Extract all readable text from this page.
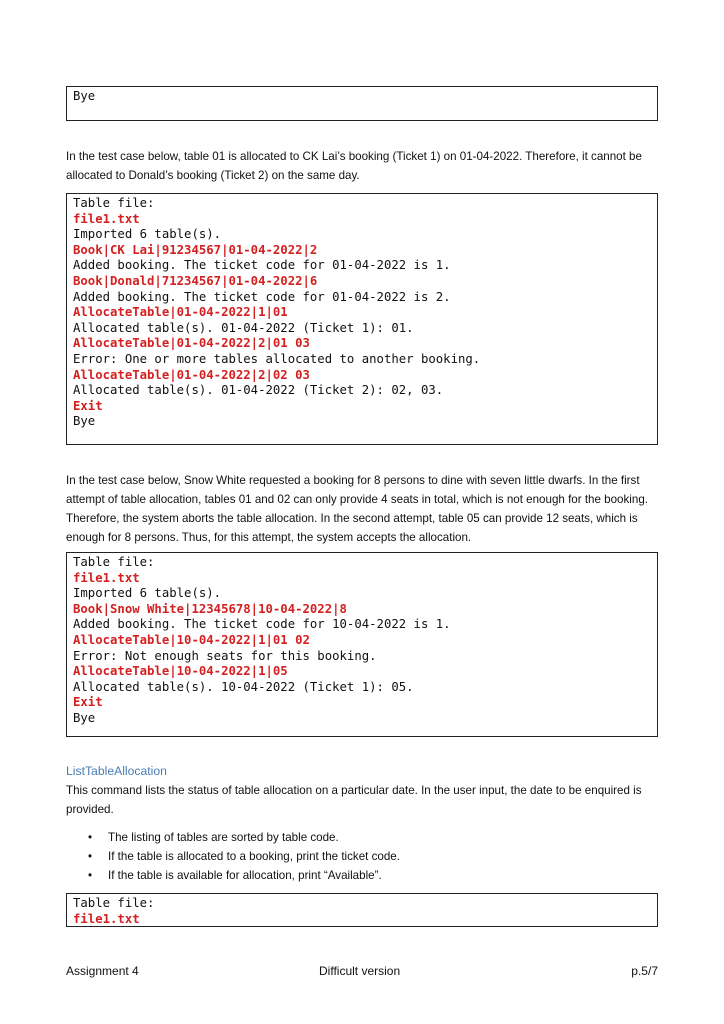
Bye
In the test case below, table 01 is allocated to CK Lai’s booking (Ticket 1) on 01-04-2022. Therefore, it cannot be allocated to Donald’s booking (Ticket 2) on the same day.
Table file:
file1.txt
Imported 6 table(s).
Book|CK Lai|91234567|01-04-2022|2
Added booking. The ticket code for 01-04-2022 is 1.
Book|Donald|71234567|01-04-2022|6
Added booking. The ticket code for 01-04-2022 is 2.
AllocateTable|01-04-2022|1|01
Allocated table(s). 01-04-2022 (Ticket 1): 01.
AllocateTable|01-04-2022|2|01 03
Error: One or more tables allocated to another booking.
AllocateTable|01-04-2022|2|02 03
Allocated table(s). 01-04-2022 (Ticket 2): 02, 03.
Exit
Bye
In the test case below, Snow White requested a booking for 8 persons to dine with seven little dwarfs. In the first attempt of table allocation, tables 01 and 02 can only provide 4 seats in total, which is not enough for the booking. Therefore, the system aborts the table allocation. In the second attempt, table 05 can provide 12 seats, which is enough for 8 persons. Thus, for this attempt, the system accepts the allocation.
Table file:
file1.txt
Imported 6 table(s).
Book|Snow White|12345678|10-04-2022|8
Added booking. The ticket code for 10-04-2022 is 1.
AllocateTable|10-04-2022|1|01 02
Error: Not enough seats for this booking.
AllocateTable|10-04-2022|1|05
Allocated table(s). 10-04-2022 (Ticket 1): 05.
Exit
Bye
ListTableAllocation
This command lists the status of table allocation on a particular date. In the user input, the date to be enquired is provided.
• The listing of tables are sorted by table code.
• If the table is allocated to a booking, print the ticket code.
• If the table is available for allocation, print “Available”.
Table file:
file1.txt
Assignment 4	Difficult version	p.5/7
